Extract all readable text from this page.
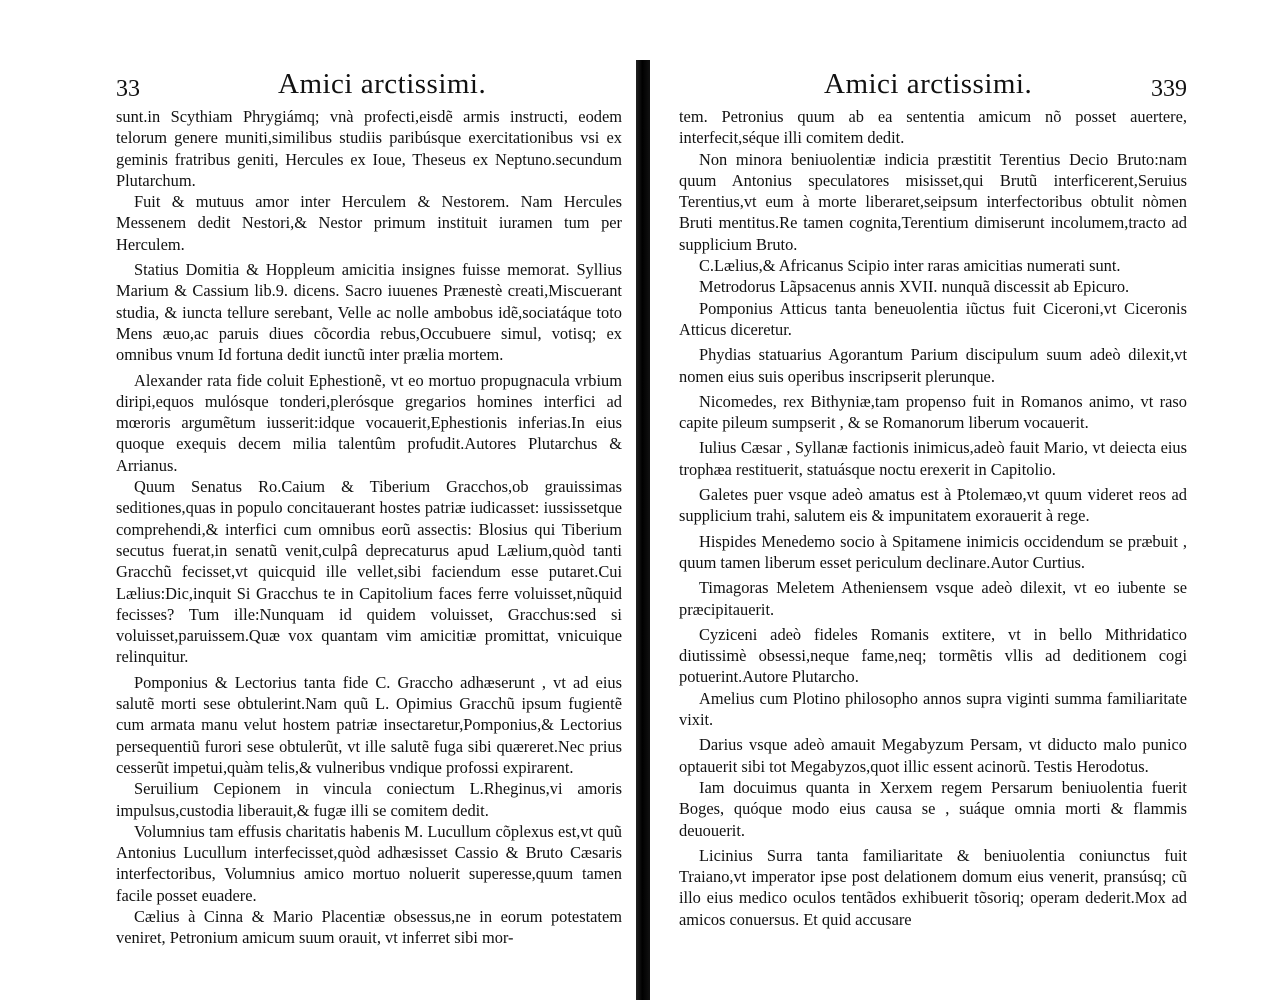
33	Amici arctissimi.

sunt.in Scythiam Phrygiámq; vnà profecti,eisdẽ armis instructi, eodem telorum genere muniti,similibus studiis paribúsque exercitationibus vsi ex geminis fratribus geniti, Hercules ex Ioue, Theseus ex Neptuno.secundum Plutarchum.

Fuit & mutuus amor inter Herculem & Nestorem. Nam Hercules Messenem dedit Nestori,& Nestor primum instituit iuramen tum per Herculem.

Statius Domitia & Hoppleum amicitia insignes fuisse memorat. Syllius Marium & Cassium lib.9. dicens. Sacro iuuenes Prænestè creati,Miscuerant studia, & iuncta tellure serebant, Velle ac nolle ambobus idẽ,sociatáque toto Mens æuo,ac paruis diues cõcordia rebus,Occubuere simul, votisq; ex omnibus vnum Id fortuna dedit iunctũ inter prælia mortem.

Alexander rata fide coluit Ephestionẽ, vt eo mortuo propugnacula vrbium diripi,equos mulósque tonderi,plerósque gregarios homines interfici ad mœroris argumẽtum iusserit:idque vocauerit,Ephestionis inferias.In eius quoque exequis decem milia talentûm profudit.Autores Plutarchus & Arrianus.

Quum Senatus Ro.Caium & Tiberium Gracchos,ob grauissimas seditiones,quas in populo concitauerant hostes patriæ iudicasset: iussissetque comprehendi,& interfici cum omnibus eorũ assectis: Blosius qui Tiberium secutus fuerat,in senatũ venit,culpâ deprecaturus apud Lælium,quòd tanti Gracchũ fecisset,vt quicquid ille vellet,sibi faciendum esse putaret.Cui Lælius:Dic,inquit Si Gracchus te in Capitolium faces ferre voluisset,nũquid fecisses? Tum ille:Nunquam id quidem voluisset, Gracchus:sed si voluisset,paruissem.Quæ vox quantam vim amicitiæ promittat, vnicuique relinquitur.

Pomponius & Lectorius tanta fide C. Graccho adhæserunt , vt ad eius salutẽ morti sese obtulerint.Nam quũ L. Opimius Gracchũ ipsum fugientẽ cum armata manu velut hostem patriæ insectaretur,Pomponius,& Lectorius persequentiũ furori sese obtulerũt, vt ille salutẽ fuga sibi quæreret.Nec prius cesserũt impetui,quàm telis,& vulneribus vndique profossi expirarent.

Seruilium Cepionem in vincula coniectum L.Rheginus,vi amoris impulsus,custodia liberauit,& fugæ illi se comitem dedit.

Volumnius tam effusis charitatis habenis M. Lucullum cõplexus est,vt quũ Antonius Lucullum interfecisset,quòd adhæsisset Cassio & Bruto Cæsaris interfectoribus, Volumnius amico mortuo noluerit superesse,quum tamen facile posset euadere.

Cælius à Cinna & Mario Placentiæ obsessus,ne in eorum potestatem veniret, Petronium amicum suum orauit, vt inferret sibi mor-

Amici arctissimi.	339

tem. Petronius quum ab ea sententia amicum nõ posset auertere, interfecit,séque illi comitem dedit.

Non minora beniuolentiæ indicia præstitit Terentius Decio Bruto:nam quum Antonius speculatores misisset,qui Brutũ interficerent,Seruius Terentius,vt eum à morte liberaret,seipsum interfectoribus obtulit nòmen Bruti mentitus.Re tamen cognita,Terentium dimiserunt incolumem,tracto ad supplicium Bruto.

C.Lælius,& Africanus Scipio inter raras amicitias numerati sunt.

Metrodorus Lãpsacenus annis XVII. nunquã discessit ab Epicuro.

Pomponius Atticus tanta beneuolentia iũctus fuit Ciceroni,vt Ciceronis Atticus diceretur.

Phydias statuarius Agorantum Parium discipulum suum adeò dilexit,vt nomen eius suis operibus inscripserit plerunque.

Nicomedes, rex Bithyniæ,tam propenso fuit in Romanos animo, vt raso capite pileum sumpserit , & se Romanorum liberum vocauerit.

Iulius Cæsar , Syllanæ factionis inimicus,adeò fauit Mario, vt deiecta eius trophæa restituerit, statuásque noctu erexerit in Capitolio.

Galetes puer vsque adeò amatus est à Ptolemæo,vt quum videret reos ad supplicium trahi, salutem eis & impunitatem exorauerit à rege.

Hispides Menedemo socio à Spitamene inimicis occidendum se præbuit , quum tamen liberum esset periculum declinare.Autor Curtius.

Timagoras Meletem Atheniensem vsque adeò dilexit, vt eo iubente se præcipitauerit.

Cyziceni adeò fideles Romanis extitere, vt in bello Mithridatico diutissimè obsessi,neque fame,neq; tormẽtis vllis ad deditionem cogi potuerint.Autore Plutarcho.

Amelius cum Plotino philosopho annos supra viginti summa familiaritate vixit.

Darius vsque adeò amauit Megabyzum Persam, vt diducto malo punico optauerit sibi tot Megabyzos,quot illic essent acinorũ. Testis Herodotus.

Iam docuimus quanta in Xerxem regem Persarum beniuolentia fuerit Boges, quóque modo eius causa se , suáque omnia morti & flammis deuouerit.

Licinius Surra tanta familiaritate & beniuolentia coniunctus fuit Traiano,vt imperator ipse post delationem domum eius venerit, pransúsq; cũ illo eius medico oculos tentãdos exhibuerit tõsoriq; operam dederit.Mox ad amicos conuersus. Et quid accusare
